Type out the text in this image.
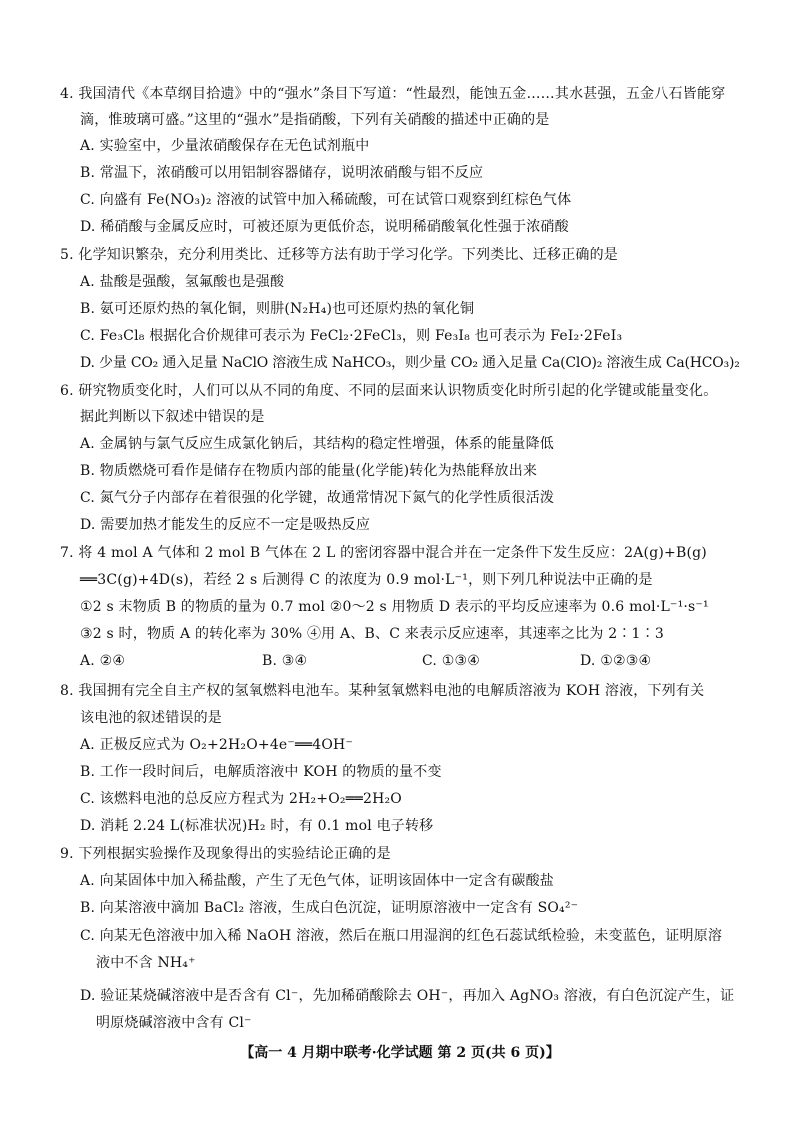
4. 我国清代《本草纲目拾遗》中的“强水”条目下写道：“性最烈，能蚀五金……其水甚强，五金八石皆能穿
滴，惟玻璃可盛。”这里的“强水”是指硝酸，下列有关硝酸的描述中正确的是
A. 实验室中，少量浓硝酸保存在无色试剂瓶中
B. 常温下，浓硝酸可以用铝制容器储存，说明浓硝酸与铝不反应
C. 向盛有 Fe(NO₃)₂ 溶液的试管中加入稀硫酸，可在试管口观察到红棕色气体
D. 稀硝酸与金属反应时，可被还原为更低价态，说明稀硝酸氧化性强于浓硝酸
5. 化学知识繁杂，充分利用类比、迁移等方法有助于学习化学。下列类比、迁移正确的是
A. 盐酸是强酸，氢氟酸也是强酸
B. 氨可还原灼热的氧化铜，则肼(N₂H₄)也可还原灼热的氧化铜
C. Fe₃Cl₈ 根据化合价规律可表示为 FeCl₂·2FeCl₃，则 Fe₃I₈ 也可表示为 FeI₂·2FeI₃
D. 少量 CO₂ 通入足量 NaClO 溶液生成 NaHCO₃，则少量 CO₂ 通入足量 Ca(ClO)₂ 溶液生成 Ca(HCO₃)₂
6. 研究物质变化时，人们可以从不同的角度、不同的层面来认识物质变化时所引起的化学键或能量变化。
据此判断以下叙述中错误的是
A. 金属钠与氯气反应生成氯化钠后，其结构的稳定性增强，体系的能量降低
B. 物质燃烧可看作是储存在物质内部的能量(化学能)转化为热能释放出来
C. 氮气分子内部存在着很强的化学键，故通常情况下氮气的化学性质很活泼
D. 需要加热才能发生的反应不一定是吸热反应
7. 将 4 mol A 气体和 2 mol B 气体在 2 L 的密闭容器中混合并在一定条件下发生反应：2A(g)+B(g)
══3C(g)+4D(s)，若经 2 s 后测得 C 的浓度为 0.9 mol·L⁻¹，则下列几种说法中正确的是
①2 s 末物质 B 的物质的量为 0.7 mol ②0～2 s 用物质 D 表示的平均反应速率为 0.6 mol·L⁻¹·s⁻¹
③2 s 时，物质 A 的转化率为 30% ④用 A、B、C 来表示反应速率，其速率之比为 2∶1∶3
A. ②④	B. ③④	C. ①③④	D. ①②③④
8. 我国拥有完全自主产权的氢氧燃料电池车。某种氢氧燃料电池的电解质溶液为 KOH 溶液，下列有关
该电池的叙述错误的是
A. 正极反应式为 O₂+2H₂O+4e⁻══4OH⁻
B. 工作一段时间后，电解质溶液中 KOH 的物质的量不变
C. 该燃料电池的总反应方程式为 2H₂+O₂══2H₂O
D. 消耗 2.24 L(标准状况)H₂ 时，有 0.1 mol 电子转移
9. 下列根据实验操作及现象得出的实验结论正确的是
A. 向某固体中加入稀盐酸，产生了无色气体，证明该固体中一定含有碳酸盐
B. 向某溶液中滴加 BaCl₂ 溶液，生成白色沉淀，证明原溶液中一定含有 SO₄²⁻
C. 向某无色溶液中加入稀 NaOH 溶液，然后在瓶口用湿润的红色石蕊试纸检验，未变蓝色，证明原溶
液中不含 NH₄⁺
D. 验证某烧碱溶液中是否含有 Cl⁻，先加稀硝酸除去 OH⁻，再加入 AgNO₃ 溶液，有白色沉淀产生，证
明原烧碱溶液中含有 Cl⁻
【高一 4 月期中联考·化学试题 第 2 页(共 6 页)】
